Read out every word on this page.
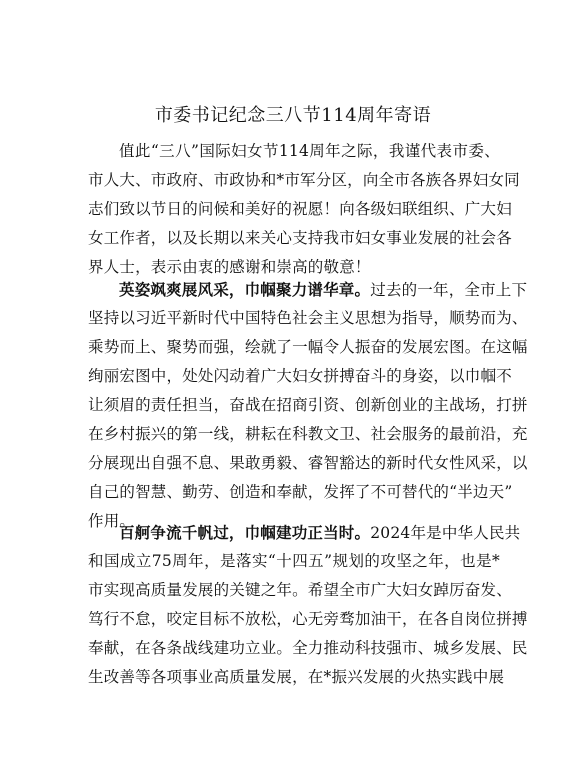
市委书记纪念三八节114周年寄语
值此“三八”国际妇女节114周年之际，我谨代表市委、
市人大、市政府、市政协和*市军分区，向全市各族各界妇女同
志们致以节日的问候和美好的祝愿！向各级妇联组织、广大妇
女工作者，以及长期以来关心支持我市妇女事业发展的社会各
界人士，表示由衷的感谢和崇高的敬意！
英姿飒爽展风采，巾帼聚力谱华章。过去的一年，全市上下
坚持以习近平新时代中国特色社会主义思想为指导，顺势而为、
乘势而上、聚势而强，绘就了一幅令人振奋的发展宏图。在这幅
绚丽宏图中，处处闪动着广大妇女拼搏奋斗的身姿，以巾帼不
让须眉的责任担当，奋战在招商引资、创新创业的主战场，打拼
在乡村振兴的第一线，耕耘在科教文卫、社会服务的最前沿，充
分展现出自强不息、果敢勇毅、睿智豁达的新时代女性风采，以
自己的智慧、勤劳、创造和奉献，发挥了不可替代的“半边天”
作用。
百舸争流千帆过，巾帼建功正当时。2024年是中华人民共
和国成立75周年，是落实“十四五”规划的攻坚之年，也是*
市实现高质量发展的关键之年。希望全市广大妇女踔厉奋发、
笃行不怠，咬定目标不放松，心无旁骛加油干，在各自岗位拼搏
奉献，在各条战线建功立业。全力推动科技强市、城乡发展、民
生改善等各项事业高质量发展，在*振兴发展的火热实践中展
